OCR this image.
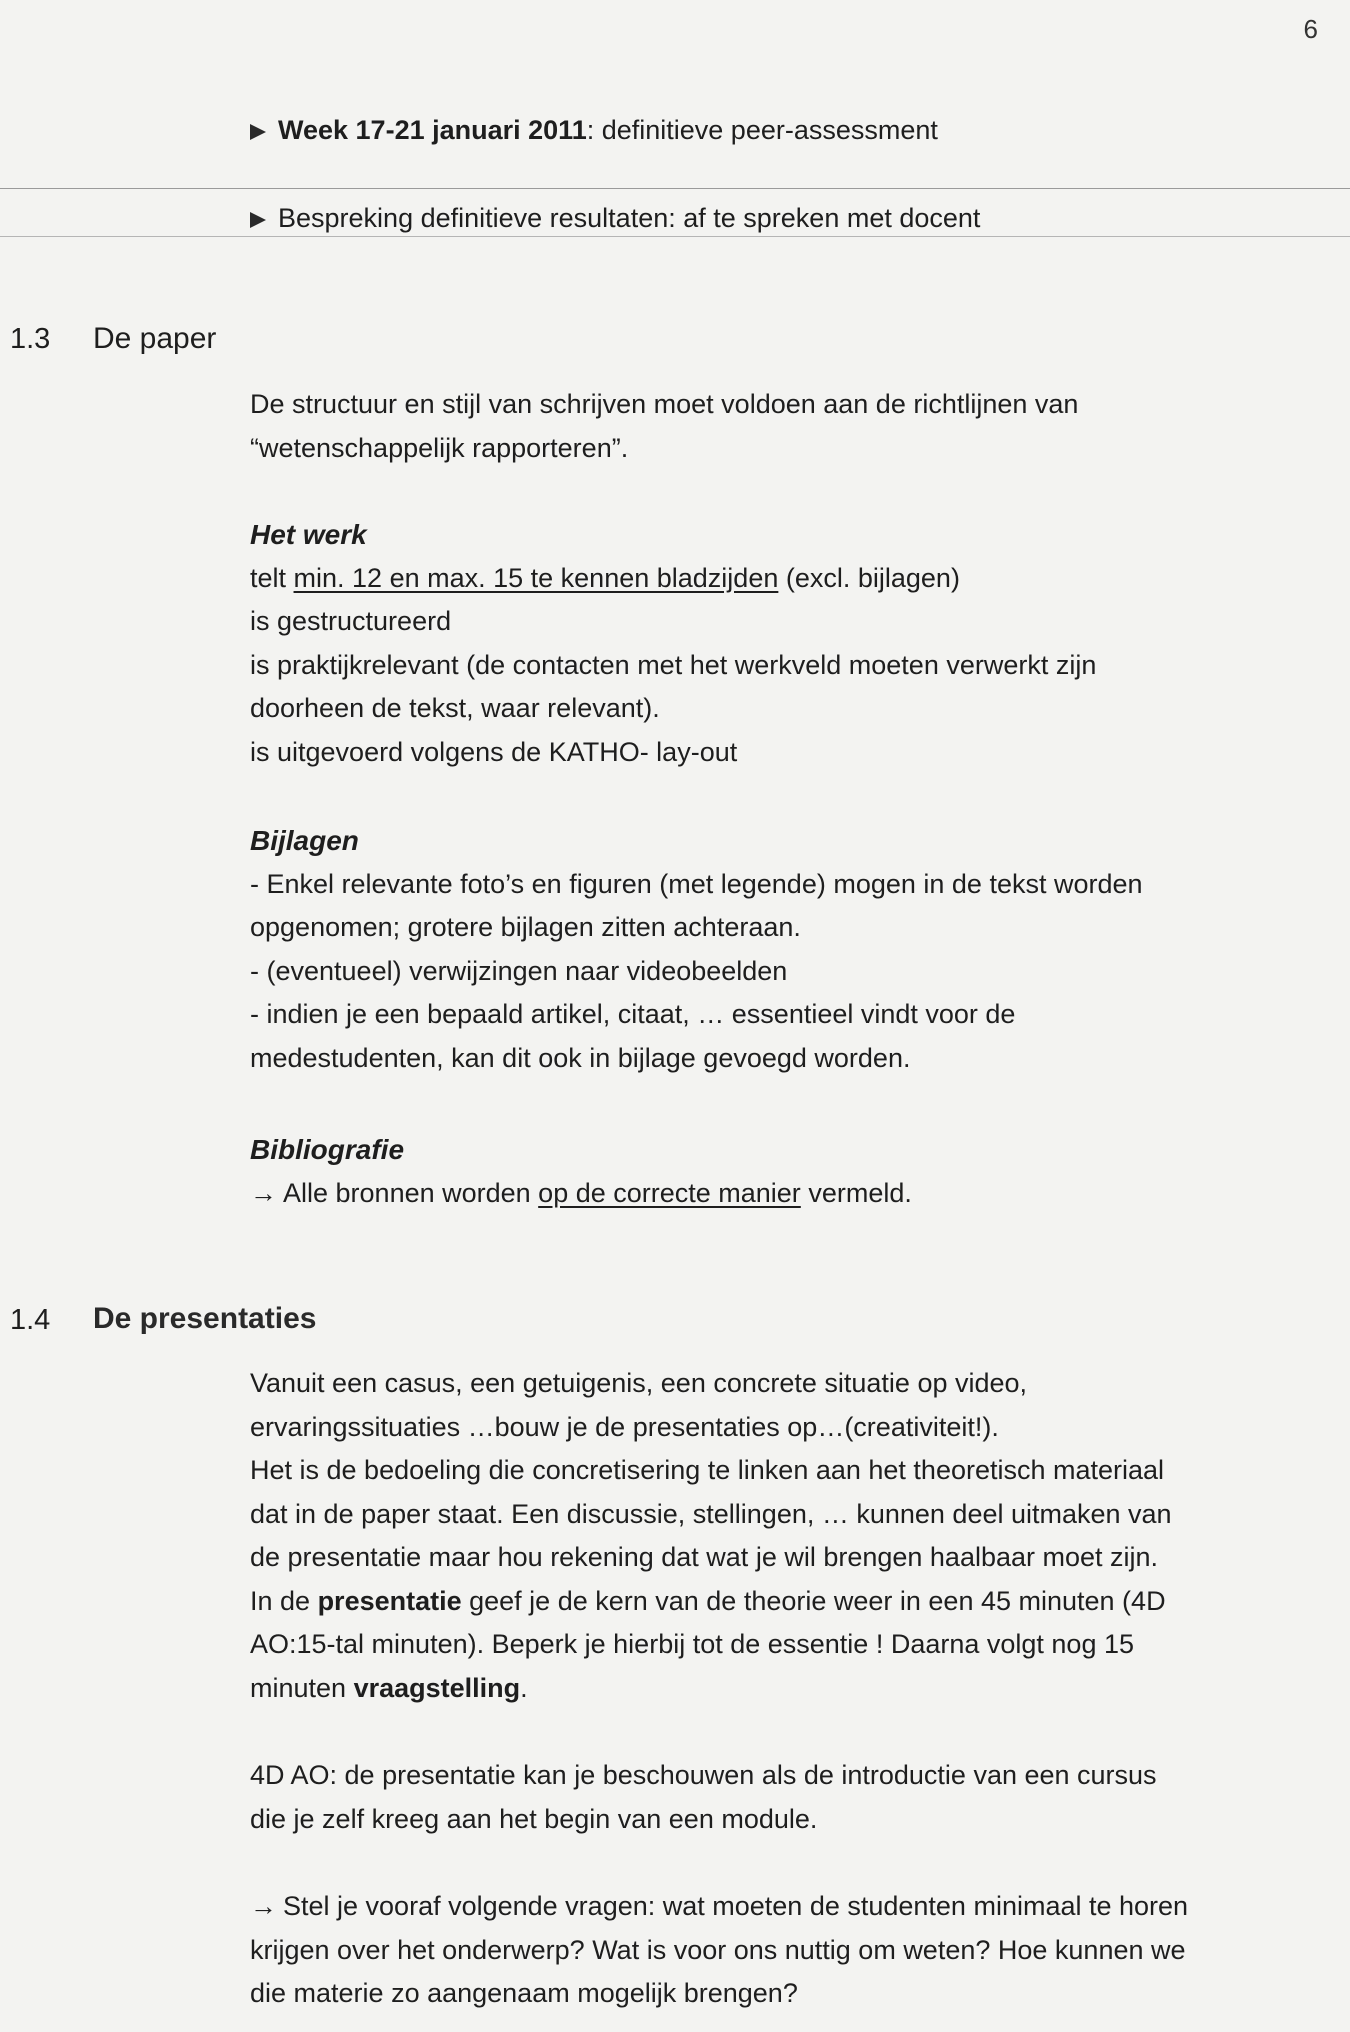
6
Week 17-21 januari 2011: definitieve peer-assessment
Bespreking definitieve resultaten: af te spreken met docent
1.3 De paper
De structuur en stijl van schrijven moet voldoen aan de richtlijnen van
“wetenschappelijk rapporteren”.
Het werk
telt min. 12 en max. 15 te kennen bladzijden (excl. bijlagen)
is gestructureerd
is praktijkrelevant (de contacten met het werkveld moeten verwerkt zijn
doorheen de tekst, waar relevant).
is uitgevoerd volgens de KATHO- lay-out
Bijlagen
- Enkel relevante foto’s en figuren (met legende) mogen in de tekst worden
opgenomen; grotere bijlagen zitten achteraan.
- (eventueel) verwijzingen naar videobeelden
- indien je een bepaald artikel, citaat, … essentieel vindt voor de
medestudenten, kan dit ook in bijlage gevoegd worden.
Bibliografie
→ Alle bronnen worden op de correcte manier vermeld.
1.4 De presentaties
Vanuit een casus, een getuigenis, een concrete situatie op video,
ervaringssituaties …bouw je de presentaties op…(creativiteit!).
Het is de bedoeling die concretisering te linken aan het theoretisch materiaal
dat in de paper staat. Een discussie, stellingen, … kunnen deel uitmaken van
de presentatie maar hou rekening dat wat je wil brengen haalbaar moet zijn.
In de presentatie geef je de kern van de theorie weer in een 45 minuten (4D
AO:15-tal minuten). Beperk je hierbij tot de essentie ! Daarna volgt nog 15
minuten vraagstelling.
4D AO: de presentatie kan je beschouwen als de introductie van een cursus
die je zelf kreeg aan het begin van een module.
→ Stel je vooraf volgende vragen: wat moeten de studenten minimaal te horen
krijgen over het onderwerp? Wat is voor ons nuttig om weten? Hoe kunnen we
die materie zo aangenaam mogelijk brengen?
